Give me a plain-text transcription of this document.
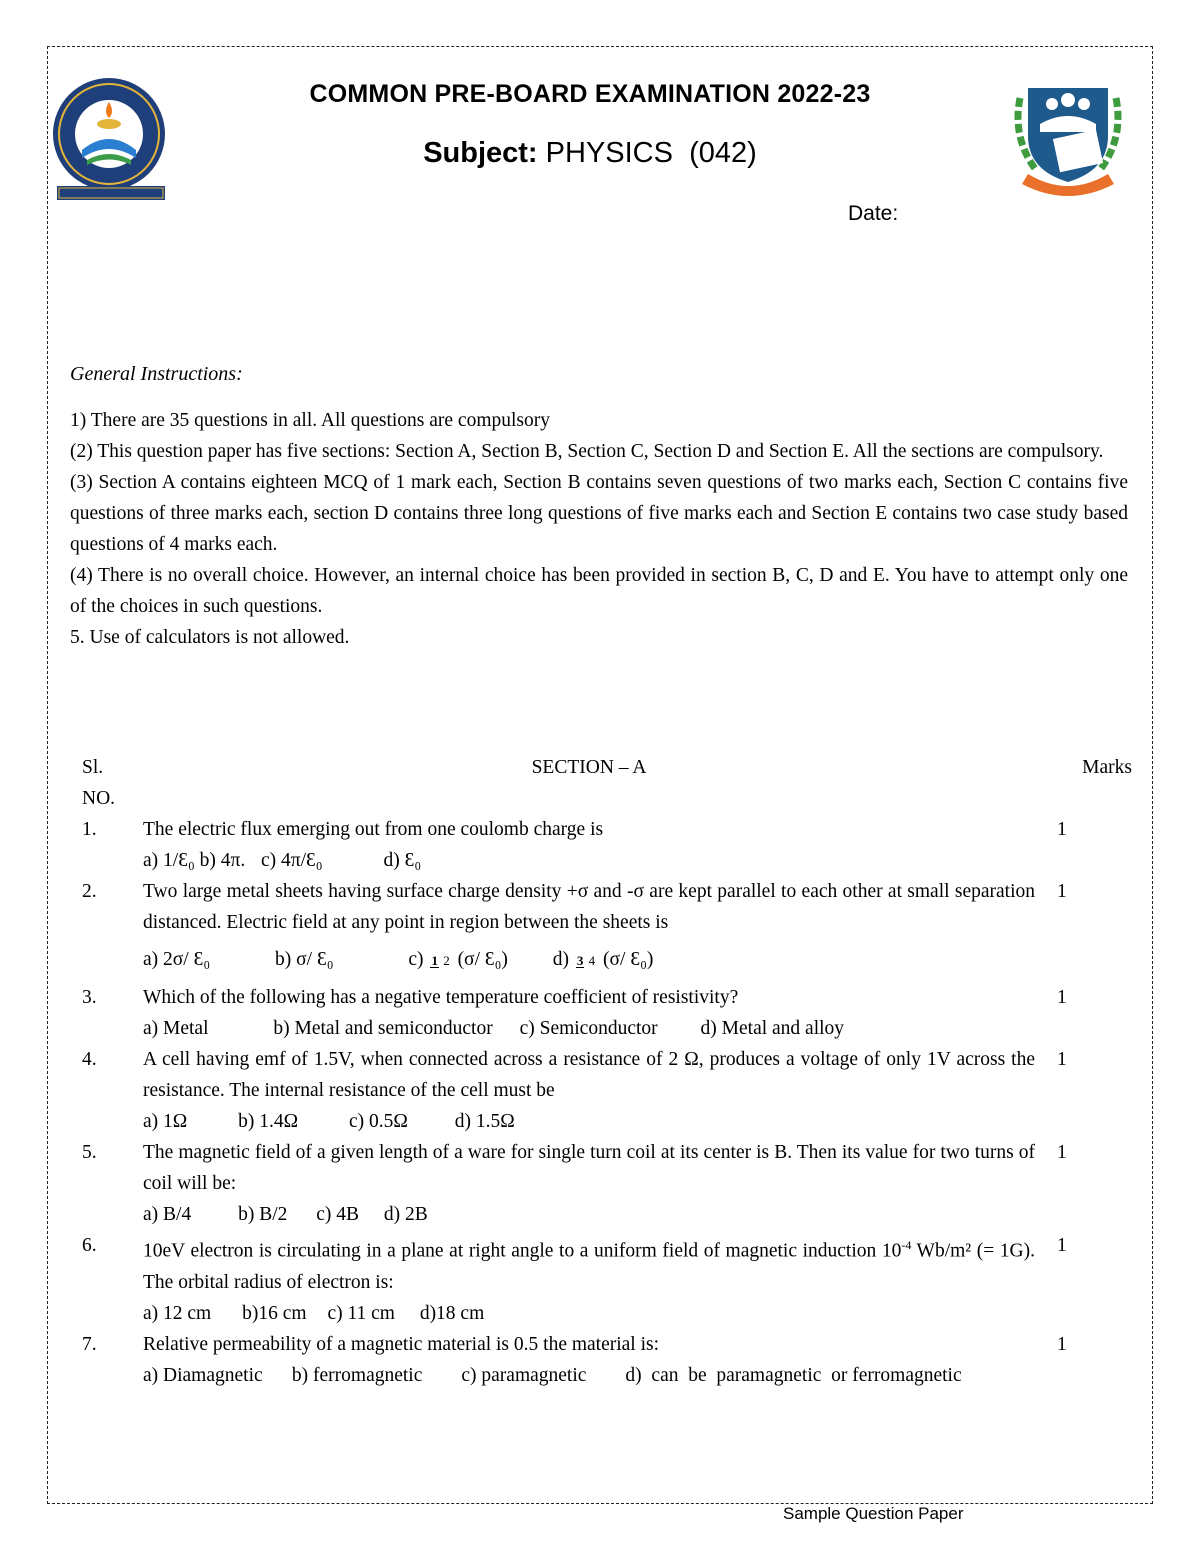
COMMON PRE-BOARD EXAMINATION 2022-23
Subject: PHYSICS  (042)
Date:
General Instructions:

1) There are 35 questions in all. All questions are compulsory

(2) This question paper has five sections: Section A, Section B, Section C, Section D and Section E. All the sections are compulsory.

(3) Section A contains eighteen MCQ of 1 mark each, Section B contains seven questions of two marks each, Section C contains five questions of three marks each, section D contains three long questions of five marks each and Section E contains two case study based questions of 4 marks each.

(4) There is no overall choice. However, an internal choice has been provided in section B, C, D and E. You have to attempt only one of the choices in such questions.

5. Use of calculators is not allowed.

Sl.
NO.
SECTION – A	Marks
1.	The electric flux emerging out from one coulomb charge is
a) 1/Ɛ₀ b) 4π. c) 4π/Ɛ₀	d) Ɛ₀
1
2.	Two large metal sheets having surface charge density +σ and -σ are kept parallel to each other at small separation distanced. Electric field at any point in region between the sheets is
a) 2σ/ Ɛ₀	b) σ/ Ɛ₀	c) 1 2 (σ/ Ɛ₀) d) 3 4 (σ/ Ɛ₀)
1
3.	Which of the following has a negative temperature coefficient of resistivity?
a) Metal	b) Metal and semiconductor c) Semiconductor d) Metal and alloy
1
4.	A cell having emf of 1.5V, when connected across a resistance of 2 Ω, produces a voltage of only 1V across the resistance. The internal resistance of the cell must be
a) 1Ω	b) 1.4Ω	c) 0.5Ω d) 1.5Ω
1
5.	The magnetic field of a given length of a ware for single turn coil at its center is B. Then its value for two turns of coil will be:
a) B/4 b) B/2 c) 4B d) 2B
1
6.	10eV electron is circulating in a plane at right angle to a uniform field of magnetic induction $10^{-4}$ Wb/m² (= 1G). The orbital radius of electron is:
a) 12 cm b)16 cm c) 11 cm d)18 cm
1
7.	Relative permeability of a magnetic material is 0.5 the material is:
a) Diamagnetic      b) ferromagnetic        c) paramagnetic        d)  can  be  paramagnetic  or ferromagnetic
1
Sample Question Paper
